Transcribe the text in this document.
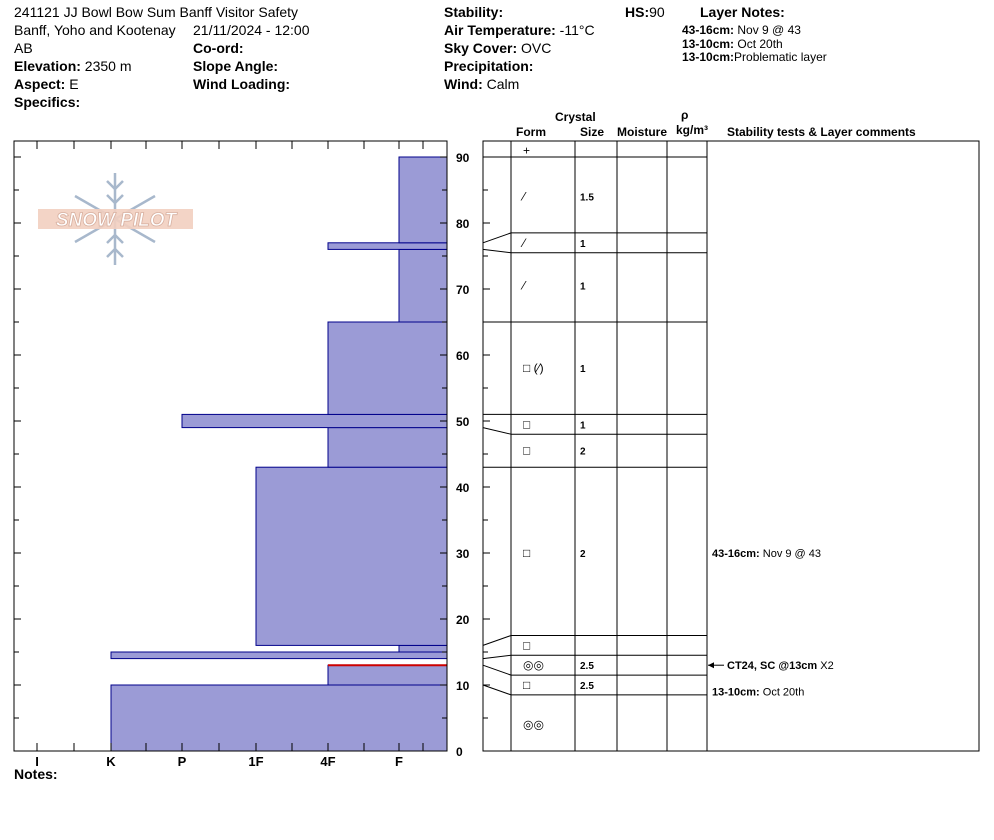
241121 JJ Bowl Bow Sum Banff Visitor Safety
Banff, Yoho and Kootenay 21/11/2024 - 12:00
AB	Co-ord:
Elevation: 2350 m	Slope Angle:
Aspect: E	Wind Loading:
Specifics:
Stability:
Air Temperature: -11°C
Sky Cover: OVC
Precipitation:
Wind: Calm
HS:90	Layer Notes:
43-16cm: Nov 9 @ 43
13-10cm: Oct 20th
13-10cm:Problematic layer
Crystal
Form	Size Moisture
ρ
kg/m³ Stability tests & Layer comments
Notes:
SNOW PILOT
0
10
20
30
40
50
60
70
80
90
I	K	P	1F	4F	F
+
⁄	1.5
⁄	1
⁄	1
□ (⁄)	1
□	1
□	2
□	2
□
◎◎	2.5
□	2.5
◎◎
43-16cm: Nov 9 @ 43
CT24, SC @13cm X2
13-10cm: Oct 20th
